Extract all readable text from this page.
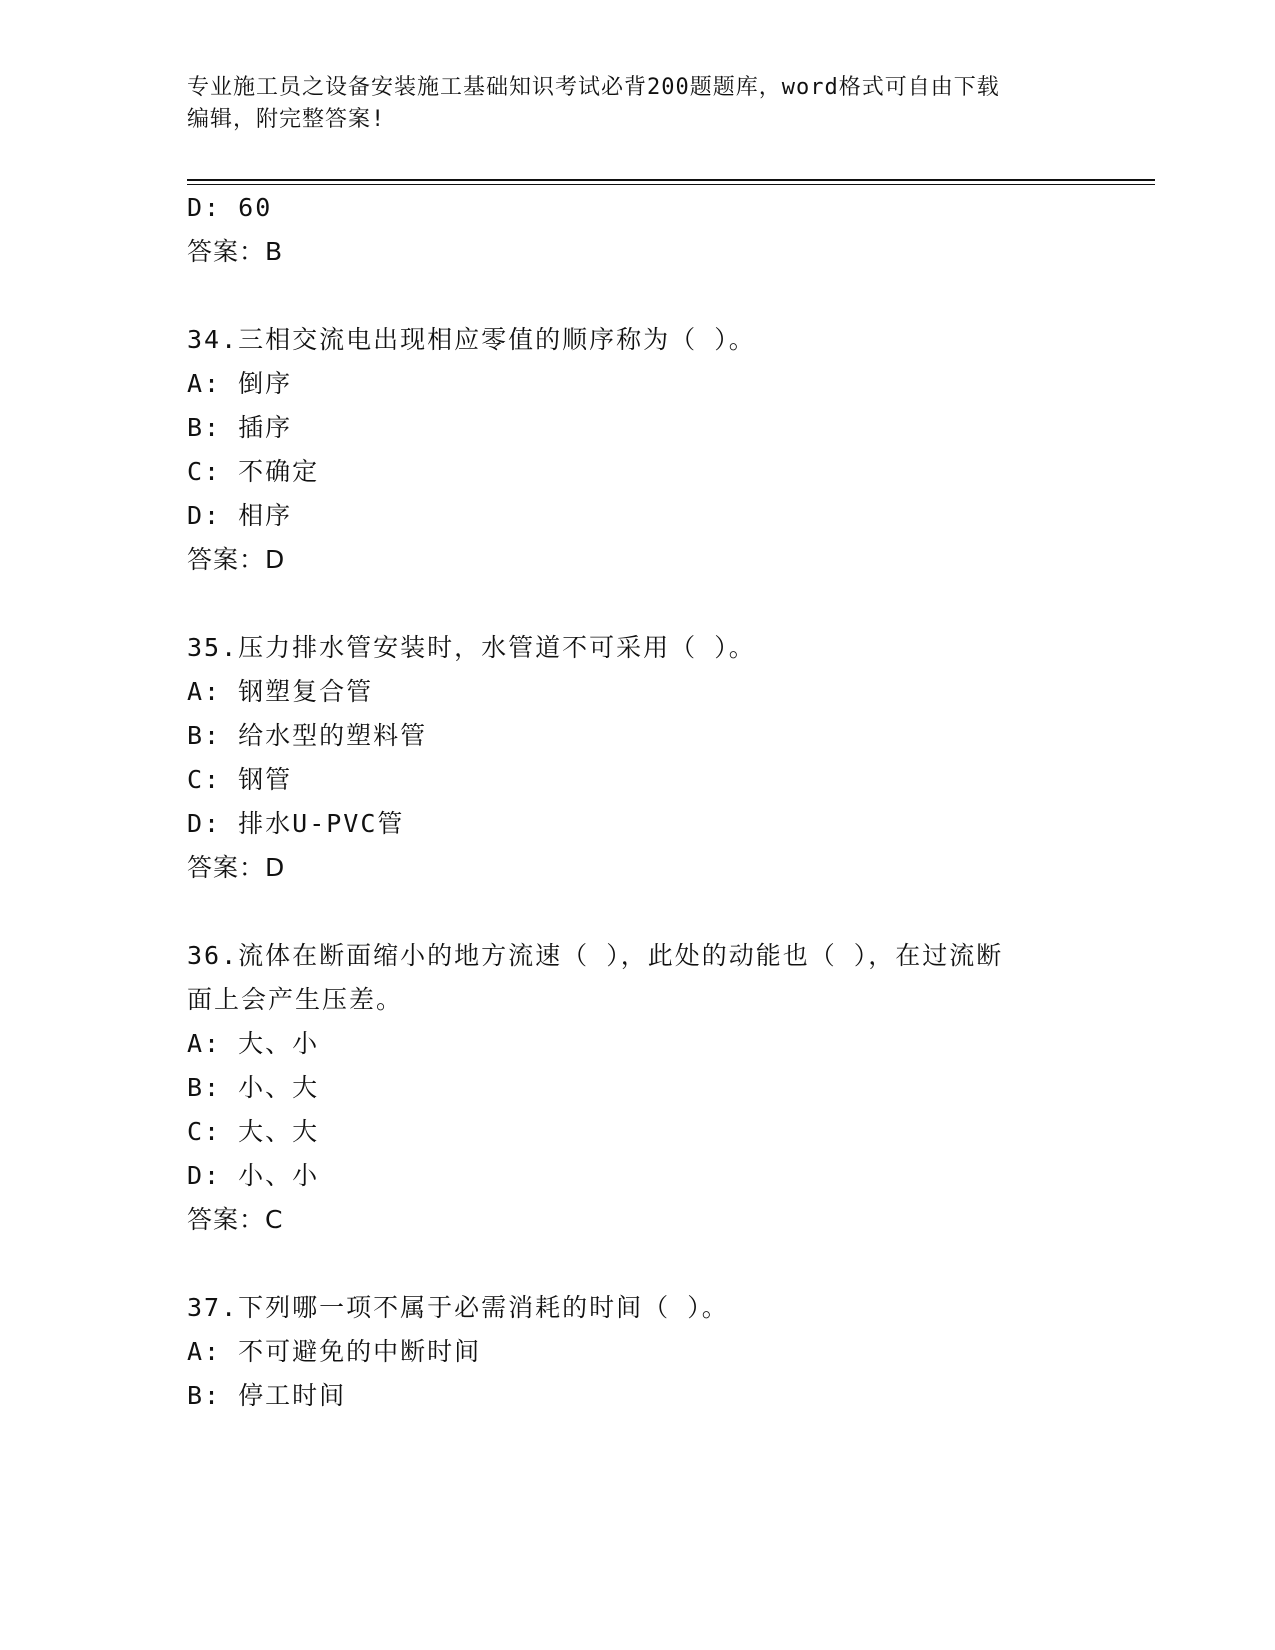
专业施工员之设备安装施工基础知识考试必背200题题库，word格式可自由下载
编辑，附完整答案!
D: 60
答案：B
34.三相交流电出现相应零值的顺序称为（ ）。
A: 倒序
B: 插序
C: 不确定
D: 相序
答案：D
35.压力排水管安装时，水管道不可采用（ ）。
A: 钢塑复合管
B: 给水型的塑料管
C: 钢管
D: 排水U-PVC管
答案：D
36.流体在断面缩小的地方流速（ ），此处的动能也（ ），在过流断
面上会产生压差。
A: 大、小
B: 小、大
C: 大、大
D: 小、小
答案：C
37.下列哪一项不属于必需消耗的时间（ ）。
A: 不可避免的中断时间
B: 停工时间
